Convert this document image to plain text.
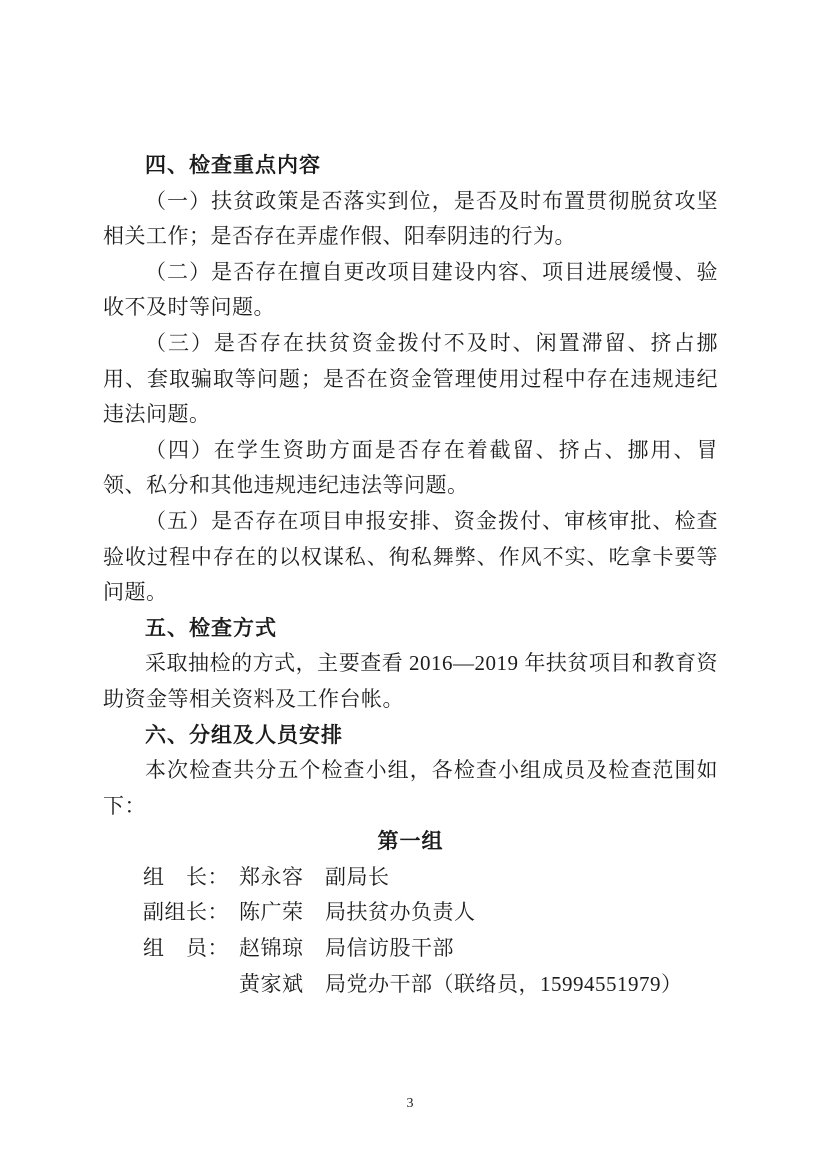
四、检查重点内容

（一）扶贫政策是否落实到位，是否及时布置贯彻脱贫攻坚相关工作；是否存在弄虚作假、阳奉阴违的行为。

（二）是否存在擅自更改项目建设内容、项目进展缓慢、验收不及时等问题。

（三）是否存在扶贫资金拨付不及时、闲置滞留、挤占挪用、套取骗取等问题；是否在资金管理使用过程中存在违规违纪违法问题。

（四）在学生资助方面是否存在着截留、挤占、挪用、冒领、私分和其他违规违纪违法等问题。

（五）是否存在项目申报安排、资金拨付、审核审批、检查验收过程中存在的以权谋私、徇私舞弊、作风不实、吃拿卡要等问题。

五、检查方式

采取抽检的方式，主要查看 2016—2019 年扶贫项目和教育资助资金等相关资料及工作台帐。

六、分组及人员安排

本次检查共分五个检查小组，各检查小组成员及检查范围如下：

第一组
组　长： 郑永容	副局长
副组长： 陈广荣	局扶贫办负责人
组　员： 赵锦琼	局信访股干部
黄家斌	局党办干部（联络员，15994551979）
3
